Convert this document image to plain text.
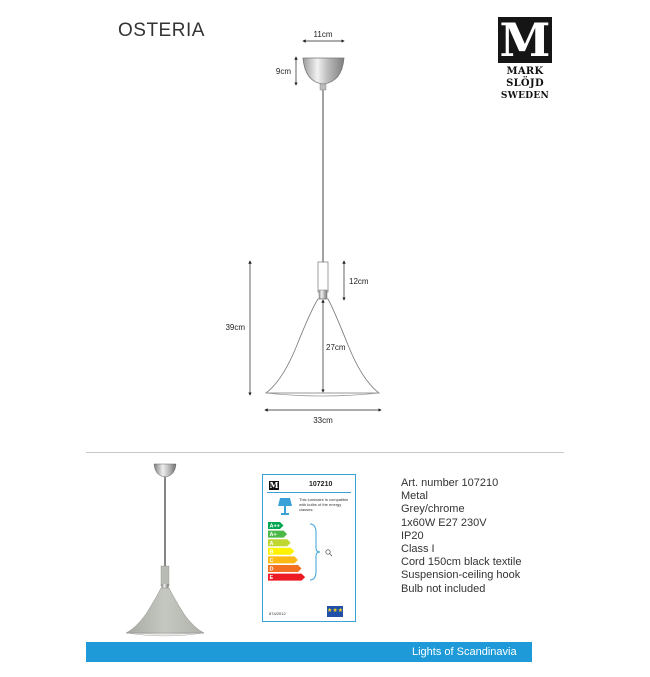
OSTERIA	M
MARK
SLÖJD
SWEDEN
11cm
9cm
12cm
39cm
27cm
33cm
M	107210
This luminaire is compatible with bulbs of the energy classes:
A++
A+
A
B
C
D
E
874/2012	★★★
Art. number 107210
Metal
Grey/chrome
1x60W E27 230V
IP20
Class I
Cord 150cm black textile
Suspension-ceiling hook
Bulb not included
Lights of Scandinavia
